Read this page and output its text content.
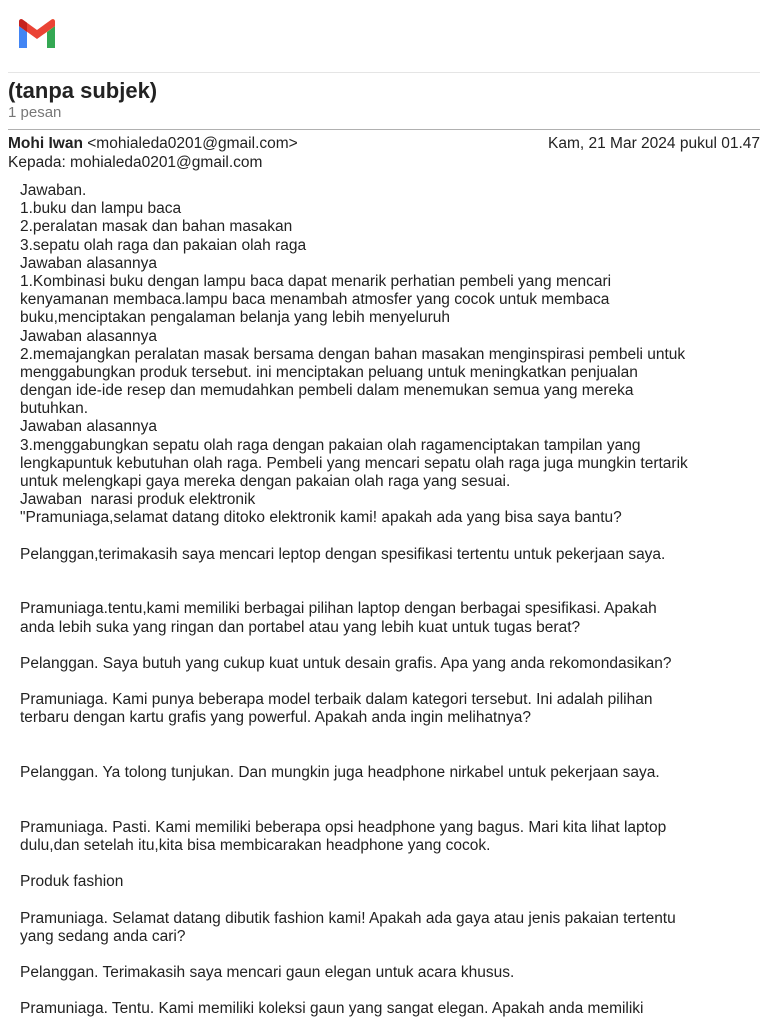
(tanpa subjek)
1 pesan
Mohi Iwan <mohialeda0201@gmail.com>	Kam, 21 Mar 2024 pukul 01.47
Kepada: mohialeda0201@gmail.com
Jawaban.
1.buku dan lampu baca
2.peralatan masak dan bahan masakan
3.sepatu olah raga dan pakaian olah raga
Jawaban alasannya
1.Kombinasi buku dengan lampu baca dapat menarik perhatian pembeli yang mencari
kenyamanan membaca.lampu baca menambah atmosfer yang cocok untuk membaca
buku,menciptakan pengalaman belanja yang lebih menyeluruh
Jawaban alasannya
2.memajangkan peralatan masak bersama dengan bahan masakan menginspirasi pembeli untuk
menggabungkan produk tersebut. ini menciptakan peluang untuk meningkatkan penjualan
dengan ide-ide resep dan memudahkan pembeli dalam menemukan semua yang mereka
butuhkan.
Jawaban alasannya
3.menggabungkan sepatu olah raga dengan pakaian olah ragamenciptakan tampilan yang
lengkapuntuk kebutuhan olah raga. Pembeli yang mencari sepatu olah raga juga mungkin tertarik
untuk melengkapi gaya mereka dengan pakaian olah raga yang sesuai.
Jawaban  narasi produk elektronik
"Pramuniaga,selamat datang ditoko elektronik kami! apakah ada yang bisa saya bantu?
Pelanggan,terimakasih saya mencari leptop dengan spesifikasi tertentu untuk pekerjaan saya.
Pramuniaga.tentu,kami memiliki berbagai pilihan laptop dengan berbagai spesifikasi. Apakah
anda lebih suka yang ringan dan portabel atau yang lebih kuat untuk tugas berat?
Pelanggan. Saya butuh yang cukup kuat untuk desain grafis. Apa yang anda rekomondasikan?
Pramuniaga. Kami punya beberapa model terbaik dalam kategori tersebut. Ini adalah pilihan
terbaru dengan kartu grafis yang powerful. Apakah anda ingin melihatnya?
Pelanggan. Ya tolong tunjukan. Dan mungkin juga headphone nirkabel untuk pekerjaan saya.
Pramuniaga. Pasti. Kami memiliki beberapa opsi headphone yang bagus. Mari kita lihat laptop
dulu,dan setelah itu,kita bisa membicarakan headphone yang cocok.
Produk fashion
Pramuniaga. Selamat datang dibutik fashion kami! Apakah ada gaya atau jenis pakaian tertentu
yang sedang anda cari?
Pelanggan. Terimakasih saya mencari gaun elegan untuk acara khusus.
Pramuniaga. Tentu. Kami memiliki koleksi gaun yang sangat elegan. Apakah anda memiliki
